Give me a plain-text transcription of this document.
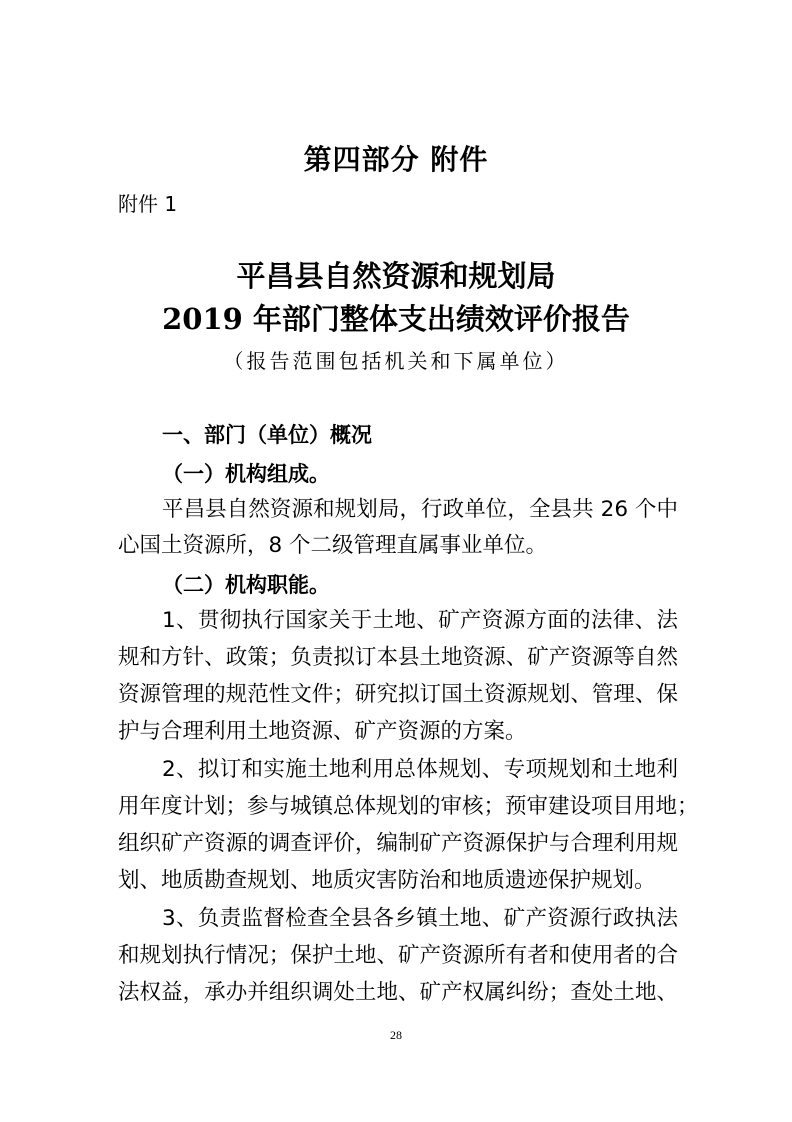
第四部分 附件
附件 1
平昌县自然资源和规划局
2019 年部门整体支出绩效评价报告
（报告范围包括机关和下属单位）
一、部门（单位）概况
（一）机构组成。
平昌县自然资源和规划局，行政单位，全县共 26 个中
心国土资源所，8 个二级管理直属事业单位。
（二）机构职能。
1、贯彻执行国家关于土地、矿产资源方面的法律、法
规和方针、政策；负责拟订本县土地资源、矿产资源等自然
资源管理的规范性文件；研究拟订国土资源规划、管理、保
护与合理利用土地资源、矿产资源的方案。
2、拟订和实施土地利用总体规划、专项规划和土地利
用年度计划；参与城镇总体规划的审核；预审建设项目用地；
组织矿产资源的调查评价，编制矿产资源保护与合理利用规
划、地质勘查规划、地质灾害防治和地质遗迹保护规划。
3、负责监督检查全县各乡镇土地、矿产资源行政执法
和规划执行情况；保护土地、矿产资源所有者和使用者的合
法权益，承办并组织调处土地、矿产权属纠纷；查处土地、
28
